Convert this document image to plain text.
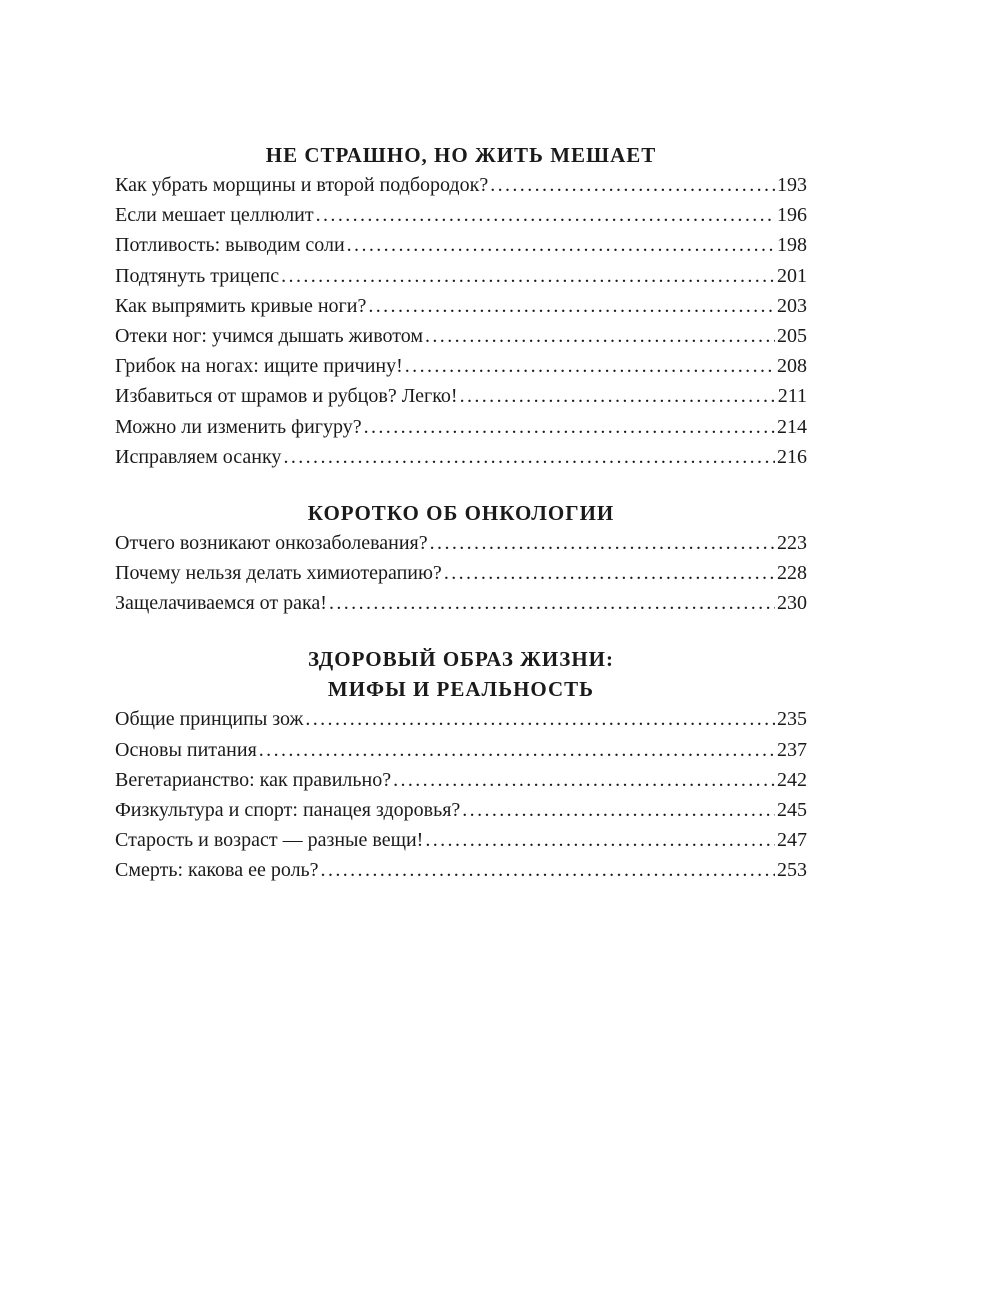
НЕ СТРАШНО, НО ЖИТЬ МЕШАЕТ
Как убрать морщины и второй подбородок? . . .	193
Если мешает целлюлит . . .	196
Потливость: выводим соли . . .	198
Подтянуть трицепс . . .	201
Как выпрямить кривые ноги? . . .	203
Отеки ног: учимся дышать животом . . .	205
Грибок на ногах: ищите причину! . . .	208
Избавиться от шрамов и рубцов? Легко! . . .	211
Можно ли изменить фигуру? . . .	214
Исправляем осанку . . .	216
КОРОТКО ОБ ОНКОЛОГИИ
Отчего возникают онкозаболевания? . . .	223
Почему нельзя делать химиотерапию? . . .	228
Защелачиваемся от рака! . . .	230
ЗДОРОВЫЙ ОБРАЗ ЖИЗНИ:
МИФЫ И РЕАЛЬНОСТЬ
Общие принципы зож . . .	235
Основы питания . . .	237
Вегетарианство: как правильно? . . .	242
Физкультура и спорт: панацея здоровья? . . .	245
Старость и возраст — разные вещи! . . .	247
Смерть: какова ее роль? . . .	253
